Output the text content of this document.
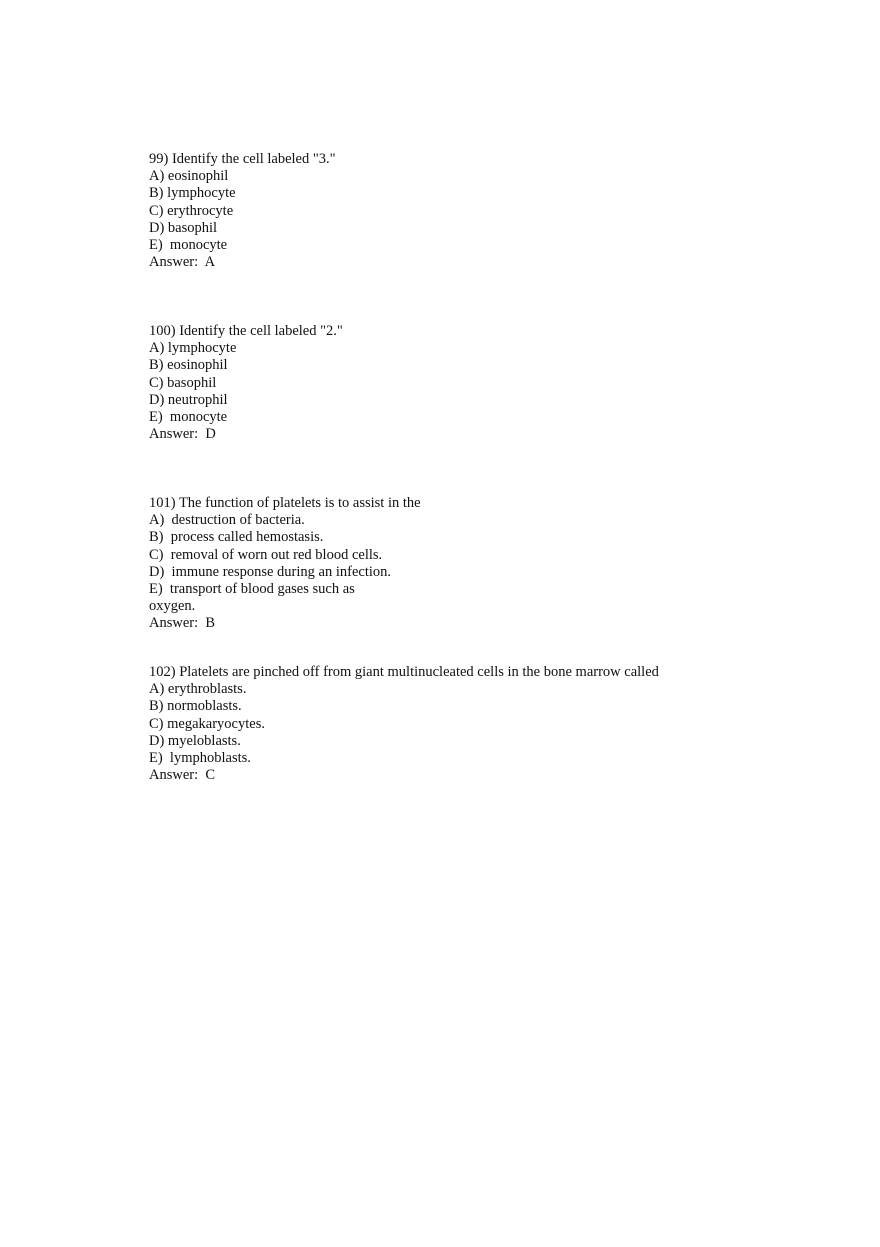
99) Identify the cell labeled "3."
A) eosinophil
B) lymphocyte
C) erythrocyte
D) basophil
E)  monocyte
Answer:  A
100) Identify the cell labeled "2."
A) lymphocyte
B) eosinophil
C) basophil
D) neutrophil
E)  monocyte
Answer:  D
101) The function of platelets is to assist in the
A)  destruction of bacteria.
B)  process called hemostasis.
C)  removal of worn out red blood cells.
D)  immune response during an infection.
E)  transport of blood gases such as
oxygen.
Answer:  B
102) Platelets are pinched off from giant multinucleated cells in the bone marrow called
A) erythroblasts.
B) normoblasts.
C) megakaryocytes.
D) myeloblasts.
E)  lymphoblasts.
Answer:  C
